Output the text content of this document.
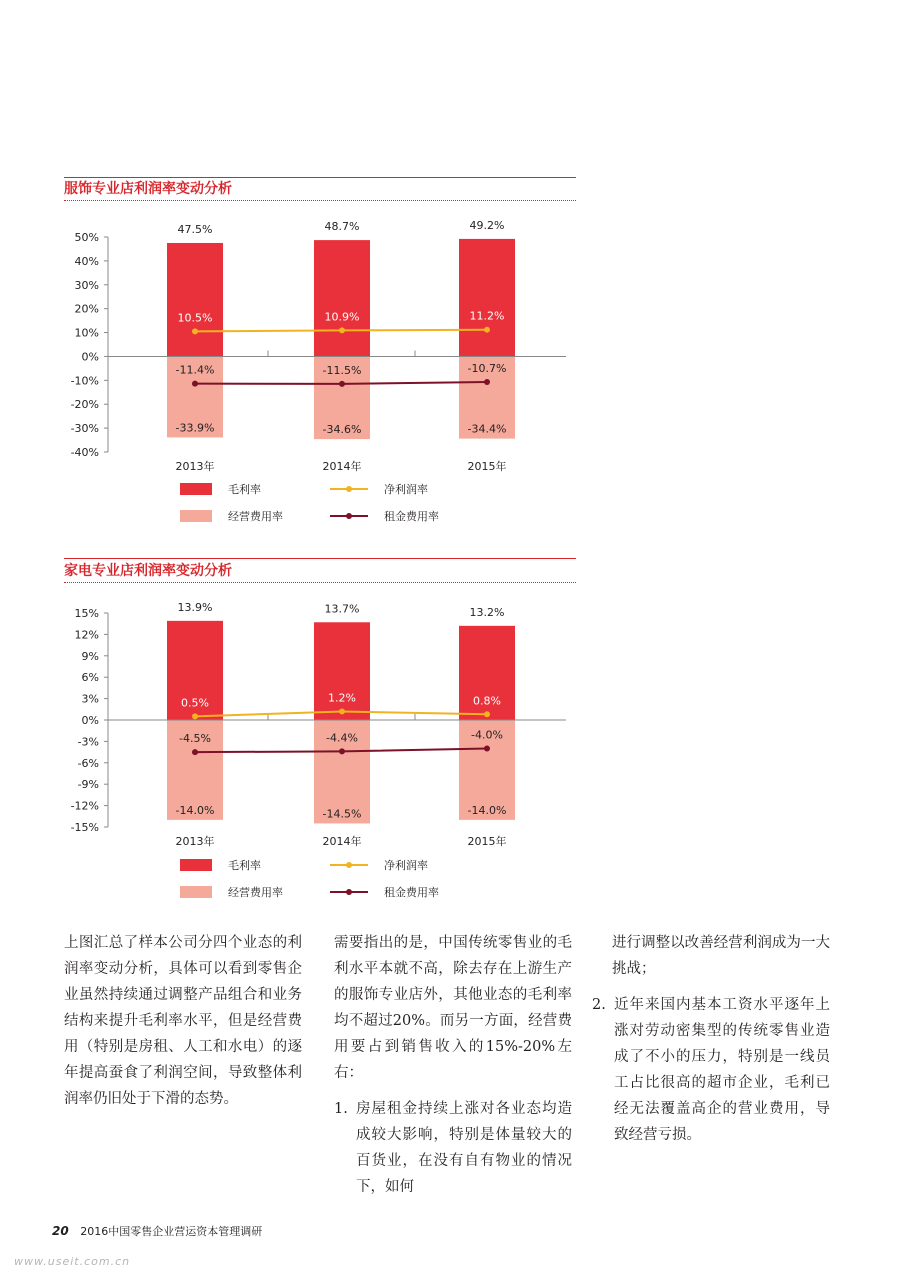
服饰专业店利润率变动分析
50%
40%
30%
20%
10%
0%
-10%
-20%
-30%
-40%
47.5%
-33.9%
2013年
48.7%
-34.6%
2014年
49.2%
-34.4%
2015年
10.5%	10.9%	11.2%
-11.4%	-11.5%	-10.7%
毛利率	净利润率
经营费用率	租金费用率
家电专业店利润率变动分析
15%
12%
9%
6%
3%
0%
-3%
-6%
-9%
-12%
-15%
13.9%
-14.0%
2013年
13.7%
-14.5%
2014年
13.2%
-14.0%
2015年
0.5%	1.2%	0.8%
-4.5%	-4.4%	-4.0%
毛利率	净利润率
经营费用率	租金费用率

上图汇总了样本公司分四个业态的利润率变动分析，具体可以看到零售企业虽然持续通过调整产品组合和业务结构来提升毛利率水平，但是经营费用（特别是房租、人工和水电）的逐年提高蚕食了利润空间，导致整体利润率仍旧处于下滑的态势。

需要指出的是，中国传统零售业的毛利水平本就不高，除去存在上游生产的服饰专业店外，其他业态的毛利率均不超过20%。而另一方面，经营费用要占到销售收入的15%-20%左右：

1. 房屋租金持续上涨对各业态均造成较大影响，特别是体量较大的百货业，在没有自有物业的情况下，如何

进行调整以改善经营利润成为一大挑战；

2. 近年来国内基本工资水平逐年上涨对劳动密集型的传统零售业造成了不小的压力，特别是一线员工占比很高的超市企业，毛利已经无法覆盖高企的营业费用，导致经营亏损。
20 2016中国零售企业营运资本管理调研
www.useit.com.cn
